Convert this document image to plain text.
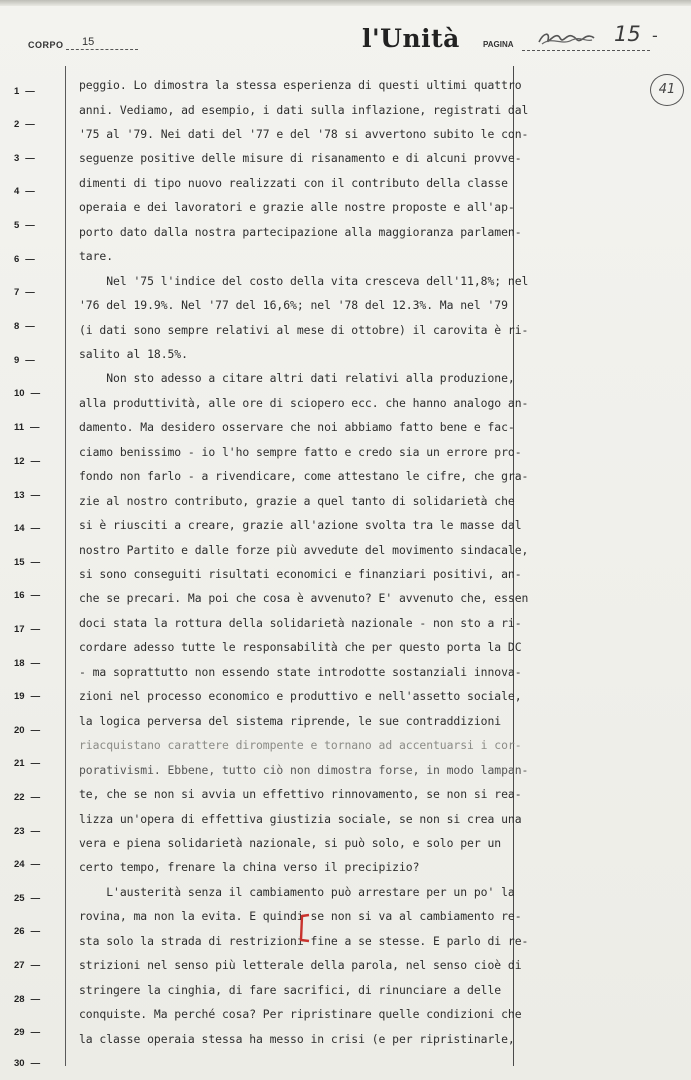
CORPO	15	l'Unità	PAGINA	15 -
41
1 —
2 —
3 —
4 —
5 —
6 —
7 —
8 —
9 —
10 —
11 —
12 —
13 —
14 —
15 —
16 —
17 —
18 —
19 —
20 —
21 —
22 —
23 —
24 —
25 —
26 —
27 —
28 —
29 —
30 —
peggio. Lo dimostra la stessa esperienza di questi ultimi quattro
anni. Vediamo, ad esempio, i dati sulla inflazione, registrati dal
'75 al '79. Nei dati del '77 e del '78 si avvertono subito le con-
seguenze positive delle misure di risanamento e di alcuni provve-
dimenti di tipo nuovo realizzati con il contributo della classe
operaia e dei lavoratori e grazie alle nostre proposte e all'ap-
porto dato dalla nostra partecipazione alla maggioranza parlamen-
tare.
Nel '75 l'indice del costo della vita cresceva dell'11,8%; nel
'76 del 19.9%. Nel '77 del 16,6%; nel '78 del 12.3%. Ma nel '79
(i dati sono sempre relativi al mese di ottobre) il carovita è ri-
salito al 18.5%.
Non sto adesso a citare altri dati relativi alla produzione,
alla produttività, alle ore di sciopero ecc. che hanno analogo an-
damento. Ma desidero osservare che noi abbiamo fatto bene e fac-
ciamo benissimo - io l'ho sempre fatto e credo sia un errore pro-
fondo non farlo - a rivendicare, come attestano le cifre, che gra-
zie al nostro contributo, grazie a quel tanto di solidarietà che
si è riusciti a creare, grazie all'azione svolta tra le masse dal
nostro Partito e dalle forze più avvedute del movimento sindacale,
si sono conseguiti risultati economici e finanziari positivi, an-
che se precari. Ma poi che cosa è avvenuto? E' avvenuto che, essen
doci stata la rottura della solidarietà nazionale - non sto a ri-
cordare adesso tutte le responsabilità che per questo porta la DC
- ma soprattutto non essendo state introdotte sostanziali innova-
zioni nel processo economico e produttivo e nell'assetto sociale,
la logica perversa del sistema riprende, le sue contraddizioni
riacquistano carattere dirompente e tornano ad accentuarsi i cor-
porativismi. Ebbene, tutto ciò non dimostra forse, in modo lampan-
te, che se non si avvia un effettivo rinnovamento, se non si rea-
lizza un'opera di effettiva giustizia sociale, se non si crea una
vera e piena solidarietà nazionale, si può solo, e solo per un
certo tempo, frenare la china verso il precipizio?
L'austerità senza il cambiamento può arrestare per un po' la
rovina, ma non la evita. E quindi se non si va al cambiamento re-
sta solo la strada di restrizioni fine a se stesse. E parlo di re-
strizioni nel senso più letterale della parola, nel senso cioè di
stringere la cinghia, di fare sacrifici, di rinunciare a delle
conquiste. Ma perché cosa? Per ripristinare quelle condizioni che
la classe operaia stessa ha messo in crisi (e per ripristinarle,
